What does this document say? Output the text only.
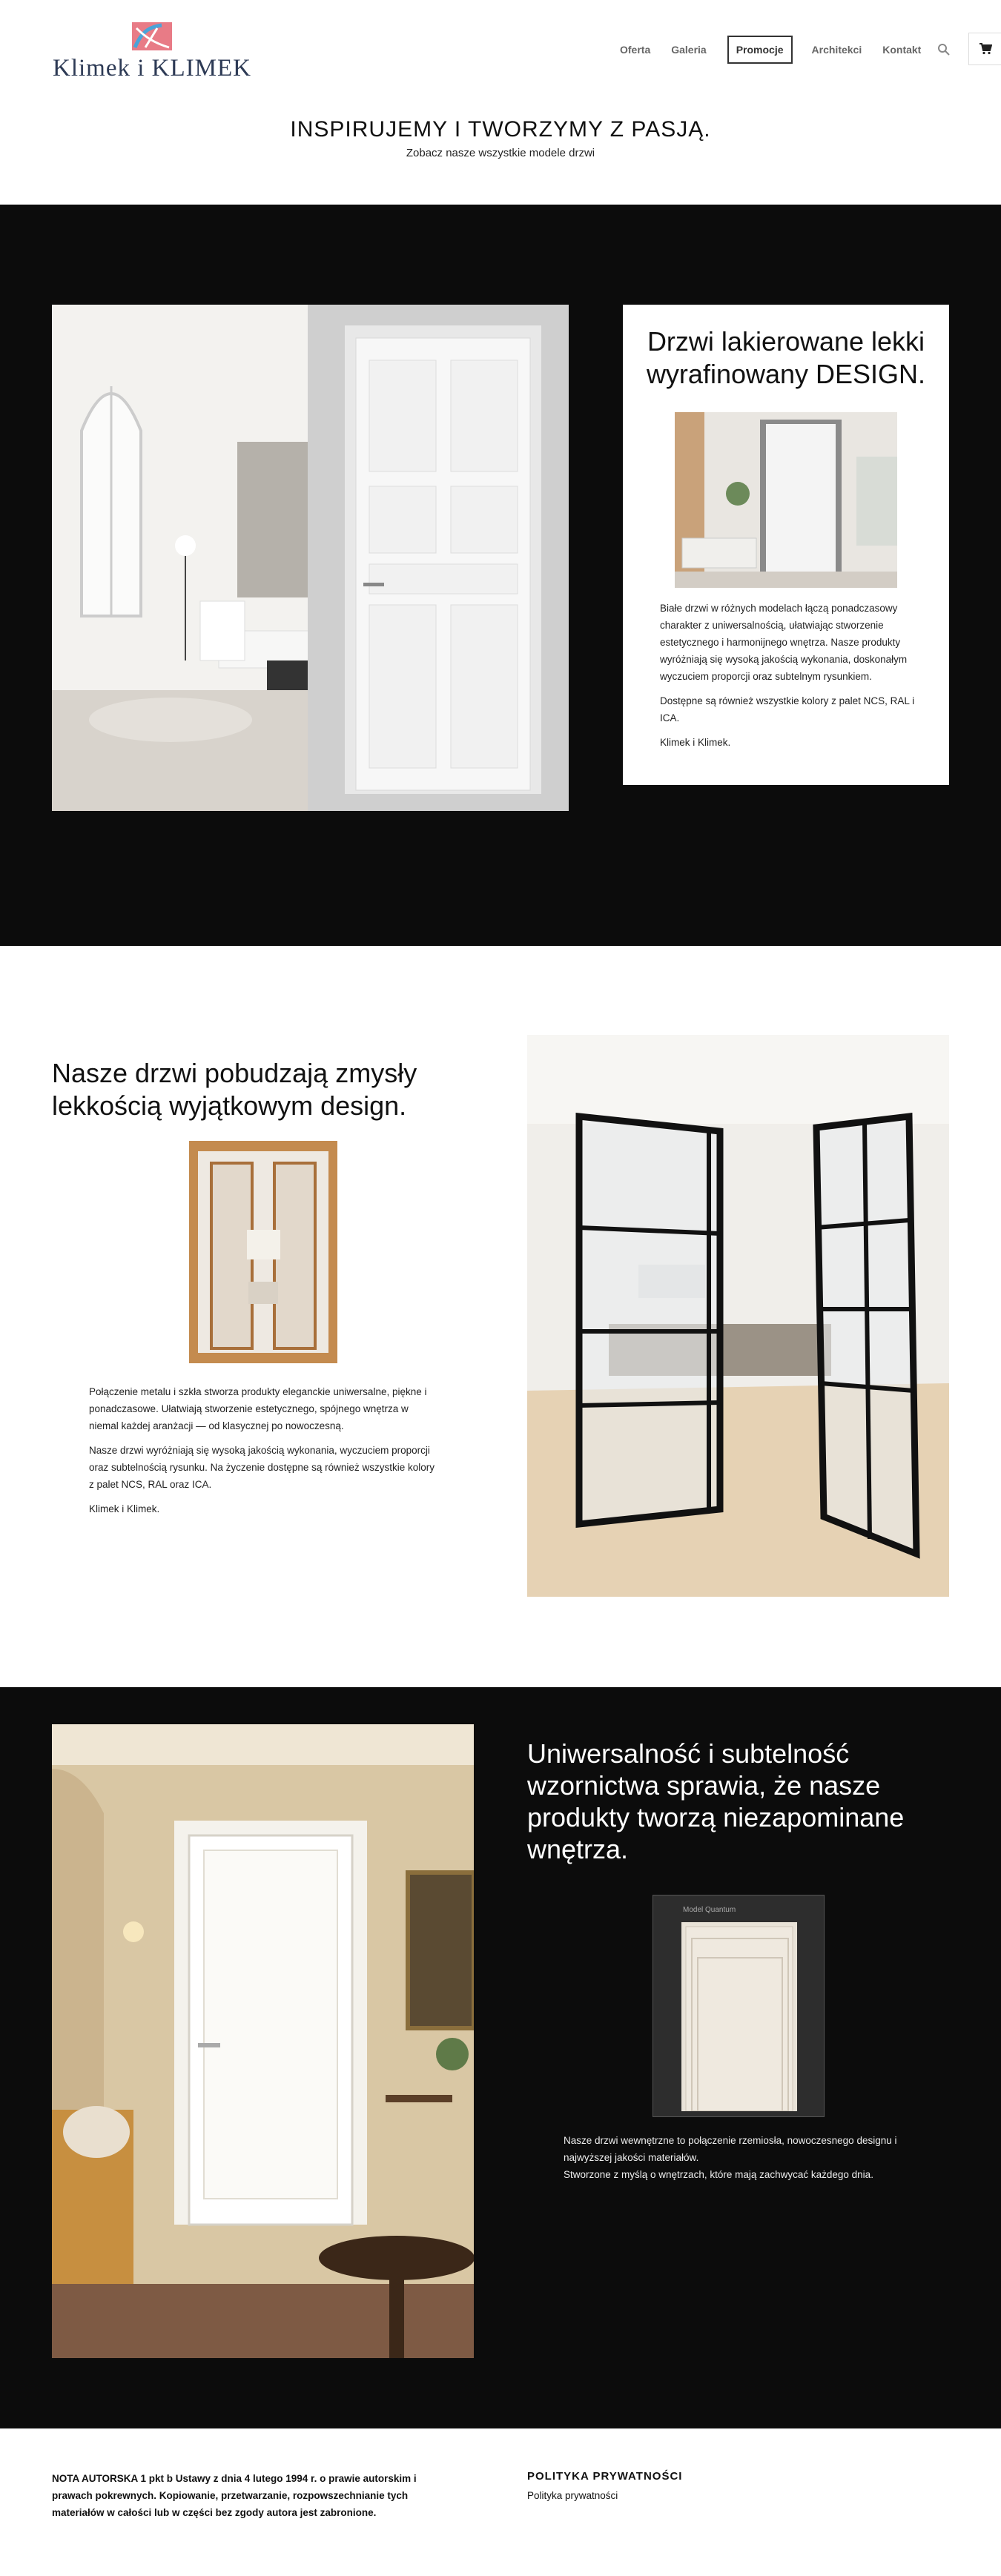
Klimek i KLIMEK
Oferta Galeria	Promocje	Architekci Kontakt
INSPIRUJEMY I TWORZYMY Z PASJĄ.

Zobacz nasze wszystkie modele drzwi

Drzwi lakierowane lekki wyrafinowany DESIGN.

Białe drzwi w różnych modelach łączą ponadczasowy charakter z uniwersalnością, ułatwiając stworzenie estetycznego i harmonijnego wnętrza. Nasze produkty wyróżniają się wysoką jakością wykonania, doskonałym wyczuciem proporcji oraz subtelnym rysunkiem.

Dostępne są również wszystkie kolory z palet NCS, RAL i ICA.

Klimek i Klimek.

Nasze drzwi pobudzają zmysły lekkością wyjątkowym design.

Połączenie metalu i szkła stworza produkty eleganckie uniwersalne, piękne i ponadczasowe. Ułatwiają stworzenie estetycznego, spójnego wnętrza w niemal każdej aranżacji — od klasycznej po nowoczesną.

Nasze drzwi wyróżniają się wysoką jakością wykonania, wyczuciem proporcji oraz subtelnością rysunku. Na życzenie dostępne są również wszystkie kolory z palet NCS, RAL oraz ICA.

Klimek i Klimek.

Uniwersalność i subtelność wzornictwa sprawia, że nasze produkty tworzą niezapominane wnętrza.
Model Quantum
Nasze drzwi wewnętrzne to połączenie rzemiosła, nowoczesnego designu i najwyższej jakości materiałów.
Stworzone z myślą o wnętrzach, które mają zachwycać każdego dnia.
NOTA AUTORSKA 1 pkt b Ustawy z dnia 4 lutego 1994 r. o prawie autorskim i prawach pokrewnych. Kopiowanie, przetwarzanie, rozpowszechnianie tych materiałów w całości lub w części bez zgody autora jest zabronione.
POLITYKA PRYWATNOŚCI
Polityka prywatności
